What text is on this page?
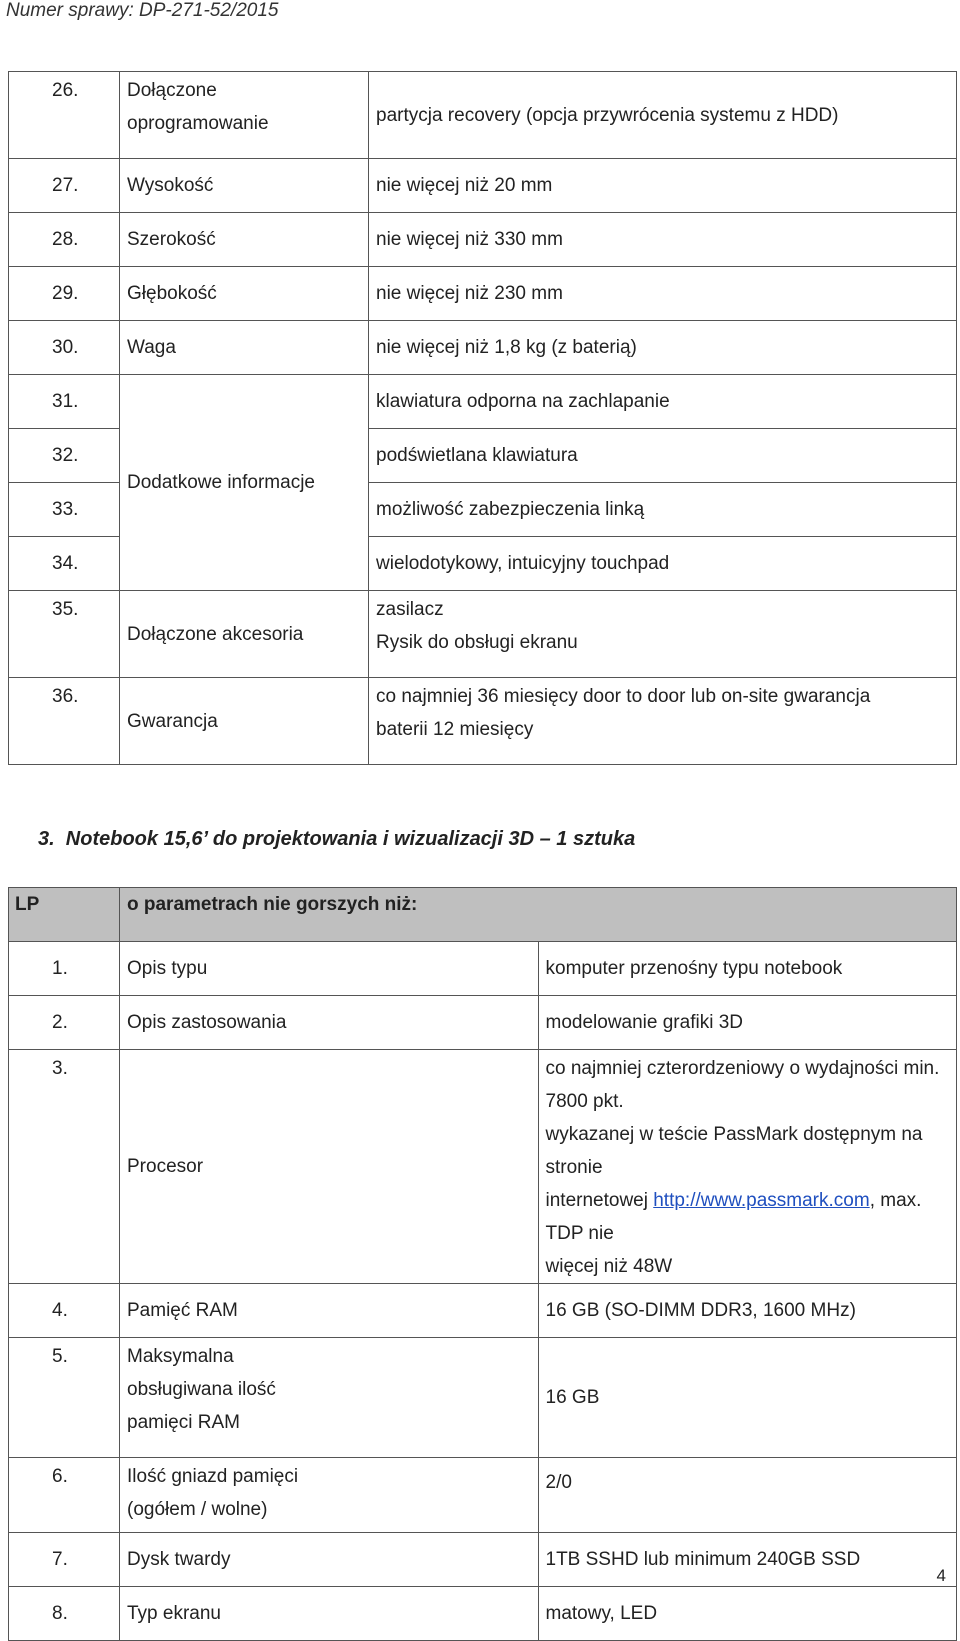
Numer sprawy: DP-271-52/2015
26.	Dołączone
oprogramowanie	partycja recovery (opcja przywrócenia systemu z HDD)

27.	Wysokość	nie więcej niż 20 mm

28.	Szerokość	nie więcej niż 330 mm

29.	Głębokość	nie więcej niż 230 mm

30.	Waga	nie więcej niż 1,8 kg (z baterią)

31.	Dodatkowe informacje	klawiatura odporna na zachlapanie

32.		podświetlana klawiatura

33.		możliwość zabezpieczenia linką

34.		wielodotykowy, intuicyjny touchpad

35.	Dołączone akcesoria	zasilacz
Rysik do obsługi ekranu

36.	Gwarancja	co najmniej 36 miesięcy door to door lub on-site gwarancja
baterii 12 miesięcy
3.  Notebook 15,6’ do projektowania i wizualizacji 3D – 1 sztuka
LP	o parametrach nie gorszych niż:	

1.	Opis typu	komputer przenośny typu notebook

2.	Opis zastosowania	modelowanie grafiki 3D

3.	Procesor	co najmniej czterordzeniowy o wydajności min. 7800 pkt.
wykazanej w teście PassMark dostępnym na stronie
internetowej http://www.passmark.com, max. TDP nie
więcej niż 48W

4.	Pamięć RAM	16 GB (SO-DIMM DDR3, 1600 MHz)

5.	Maksymalna
obsługiwana ilość
pamięci RAM	16 GB

6.	Ilość gniazd pamięci
(ogółem / wolne)	2/0

7.	Dysk twardy	1TB SSHD lub minimum 240GB SSD

8.	Typ ekranu	matowy, LED
4
